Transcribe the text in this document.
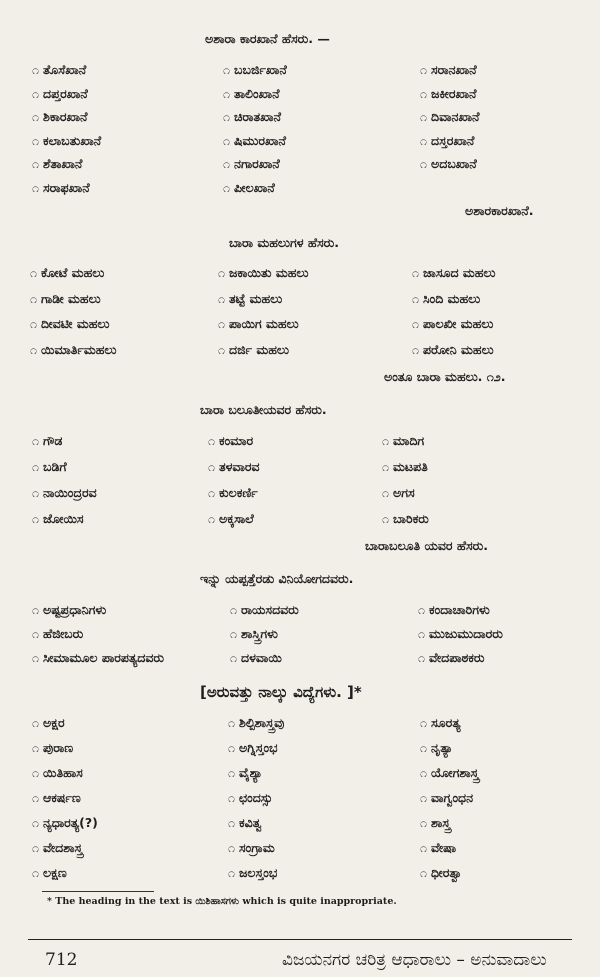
ಅಶಾರಾ ಕಾರಖಾನೆ ಹೆಸರು. —
೧ ತೊಸೆಖಾನೆ	೧ ಬಬರ್ಜಿಖಾನೆ	೧ ಸರಾನಖಾನೆ
೧ ದಪ್ತರಖಾನೆ	೧ ತಾಲಿಂಖಾನೆ	೧ ಜಕೀರಖಾನೆ
೧ ಶಿಕಾರಖಾನೆ	೧ ಚಿರಾತಖಾನೆ	೧ ದಿವಾನಖಾನೆ
೧ ಕಲಾಬತುಖಾನೆ	೧ ಷಿಮುರಖಾನೆ	೧ ದಸ್ತರಖಾನೆ
೧ ಶೆತಾಖಾನೆ	೧ ನಗಾರಖಾನೆ	೧ ಅದಬಖಾನೆ
೧ ಸರಾಫಖಾನೆ	೧ ಪೀಲಖಾನೆ
ಅಶಾರಕಾರಖಾನೆ.
ಬಾರಾ ಮಹಲುಗಳ ಹೆಸರು.
೧ ಕೋಟೆ ಮಹಲು	೧ ಜಕಾಯಿತು ಮಹಲು	೧ ಜಾಸೂದ ಮಹಲು
೧ ಗಾಡೀ ಮಹಲು	೧ ತಟ್ಟೆ ಮಹಲು	೧ ಸಿಂದಿ ಮಹಲು
೧ ದೀವಟೀ ಮಹಲು	೧ ಪಾಯಿಗ ಮಹಲು	೧ ಪಾಲಖೀ ಮಹಲು
೧ ಯಿಮಾರ್ತಿಮಹಲು	೧ ದರ್ಜಿ ಮಹಲು	೧ ಪರೋನಿ ಮಹಲು
ಅಂತೂ ಬಾರಾ ಮಹಲು. ೧೨.
ಬಾರಾ ಬಲೂತೀಯವರ ಹೆಸರು.
೧ ಗೌಡ	೧ ಕಂಮಾರ	೧ ಮಾದಿಗ
೧ ಬಡಿಗೆ	೧ ತಳವಾರವ	೧ ಮಟಪತಿ
೧ ನಾಯಿಂದ್ರರವ	೧ ಕುಲಕರ್ಣಿ	೧ ಅಗಸ
೧ ಜೋಯಿಸ	೧ ಅಕ್ಕಸಾಲೆ	೧ ಬಾರಿಕರು
ಬಾರಾಬಲೂತಿ ಯವರ ಹೆಸರು.
ಇನ್ನು ಯಪ್ಪತ್ತೆರಡು ವಿನಿಯೋಗದವರು.
೧ ಅಷ್ಟಪ್ರಧಾನಿಗಳು	೧ ರಾಯಸದವರು	೧ ಕಂದಾಚಾರಿಗಳು
೧ ಹೆಜೀಬರು	೧ ಶಾಸ್ತ್ರಿಗಳು	೧ ಮುಜುಮುದಾರರು
೧ ಸೀಮಾಮೂಲ ಪಾರಪತ್ಯದವರು	೧ ದಳವಾಯಿ	೧ ವೇದಪಾಠಕರು
[ಅರುವತ್ತು ನಾಲ್ಕು ವಿದ್ಯೆಗಳು. ]*
೧ ಅಕ್ಷರ	೧ ಶಿಲ್ಪಿಶಾಸ್ತ್ರವು	೧ ಸೂರತ್ಯ
೧ ಪುರಾಣ	೧ ಅಗ್ನಿಸ್ತಂಭ	೧ ನೃತ್ಯಾ
೧ ಯಿತಿಹಾಸ	೧ ವೈಶ್ಯಾ	೧ ಯೋಗಶಾಸ್ತ್ರ
೧ ಆಕರ್ಷಣ	೧ ಛಂದಸ್ಸು	೧ ವಾಗ್ವಂಧನ
೧ ನ್ಯಧಾರತ್ಯ(?)	೧ ಕವಿತ್ವ	೧ ಶಾಸ್ತ್ರ
೧ ವೇದಶಾಸ್ತ್ರ	೧ ಸಂಗ್ರಾಮ	೧ ವೇಷಾ
೧ ಲಕ್ಷಣ	೧ ಜಲಸ್ತಂಭ	೧ ಧೀರತ್ವಾ
* The heading in the text is ಯಿಶಿಹಾಸಗಳು which is quite inappropriate.
712	ವಿಜಯನಗರ ಚರಿತ್ರ ಆಧಾರಾಲು – ಅನುವಾದಾಲು
